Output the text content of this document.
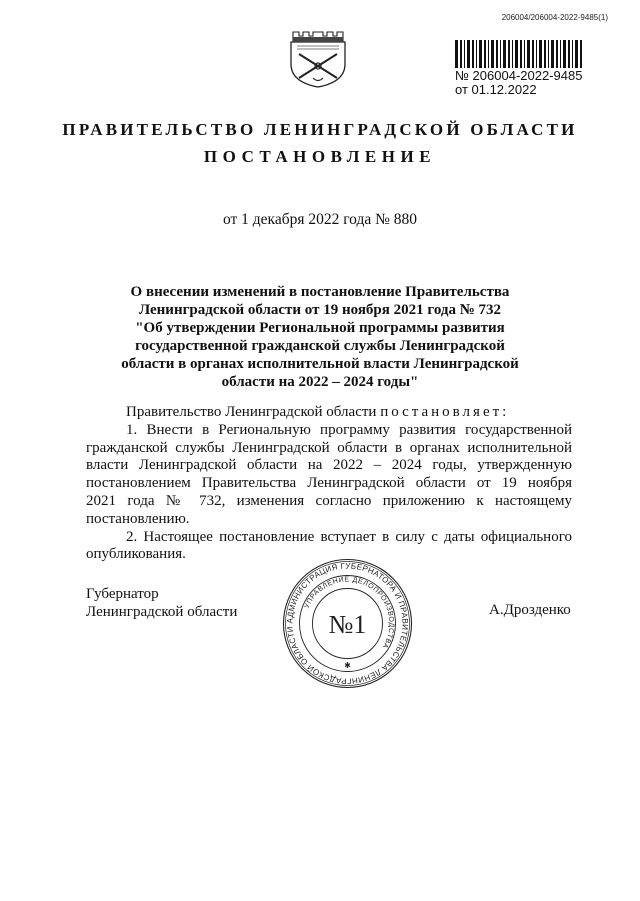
206004/206004-2022-9485(1)
№ 206004-2022-9485
от 01.12.2022
ПРАВИТЕЛЬСТВО ЛЕНИНГРАДСКОЙ ОБЛАСТИ
ПОСТАНОВЛЕНИЕ
от 1 декабря 2022 года № 880
О внесении изменений в постановление Правительства
Ленинградской области от 19 ноября 2021 года № 732
"Об утверждении Региональной программы развития
государственной гражданской службы Ленинградской
области в органах исполнительной власти Ленинградской
области на 2022 – 2024 годы"
Правительство Ленинградской области постановляет:
1. Внести в Региональную программу развития государственной
гражданской службы Ленинградской области в органах исполнительной
власти Ленинградской области на 2022 – 2024 годы, утвержденную
постановлением Правительства Ленинградской области от 19 ноября
2021 года № 732, изменения согласно приложению к настоящему
постановлению.
2. Настоящее постановление вступает в силу с даты официального
опубликования.
Губернатор
Ленинградской области	А.Дрозденко
АДМИНИСТРАЦИЯ ГУБЕРНАТОРА И ПРАВИТЕЛЬСТВА ЛЕНИНГРАДСКОЙ ОБЛАСТИ
УПРАВЛЕНИЕ ДЕЛОПРОИЗВОДСТВА
№1
✱
